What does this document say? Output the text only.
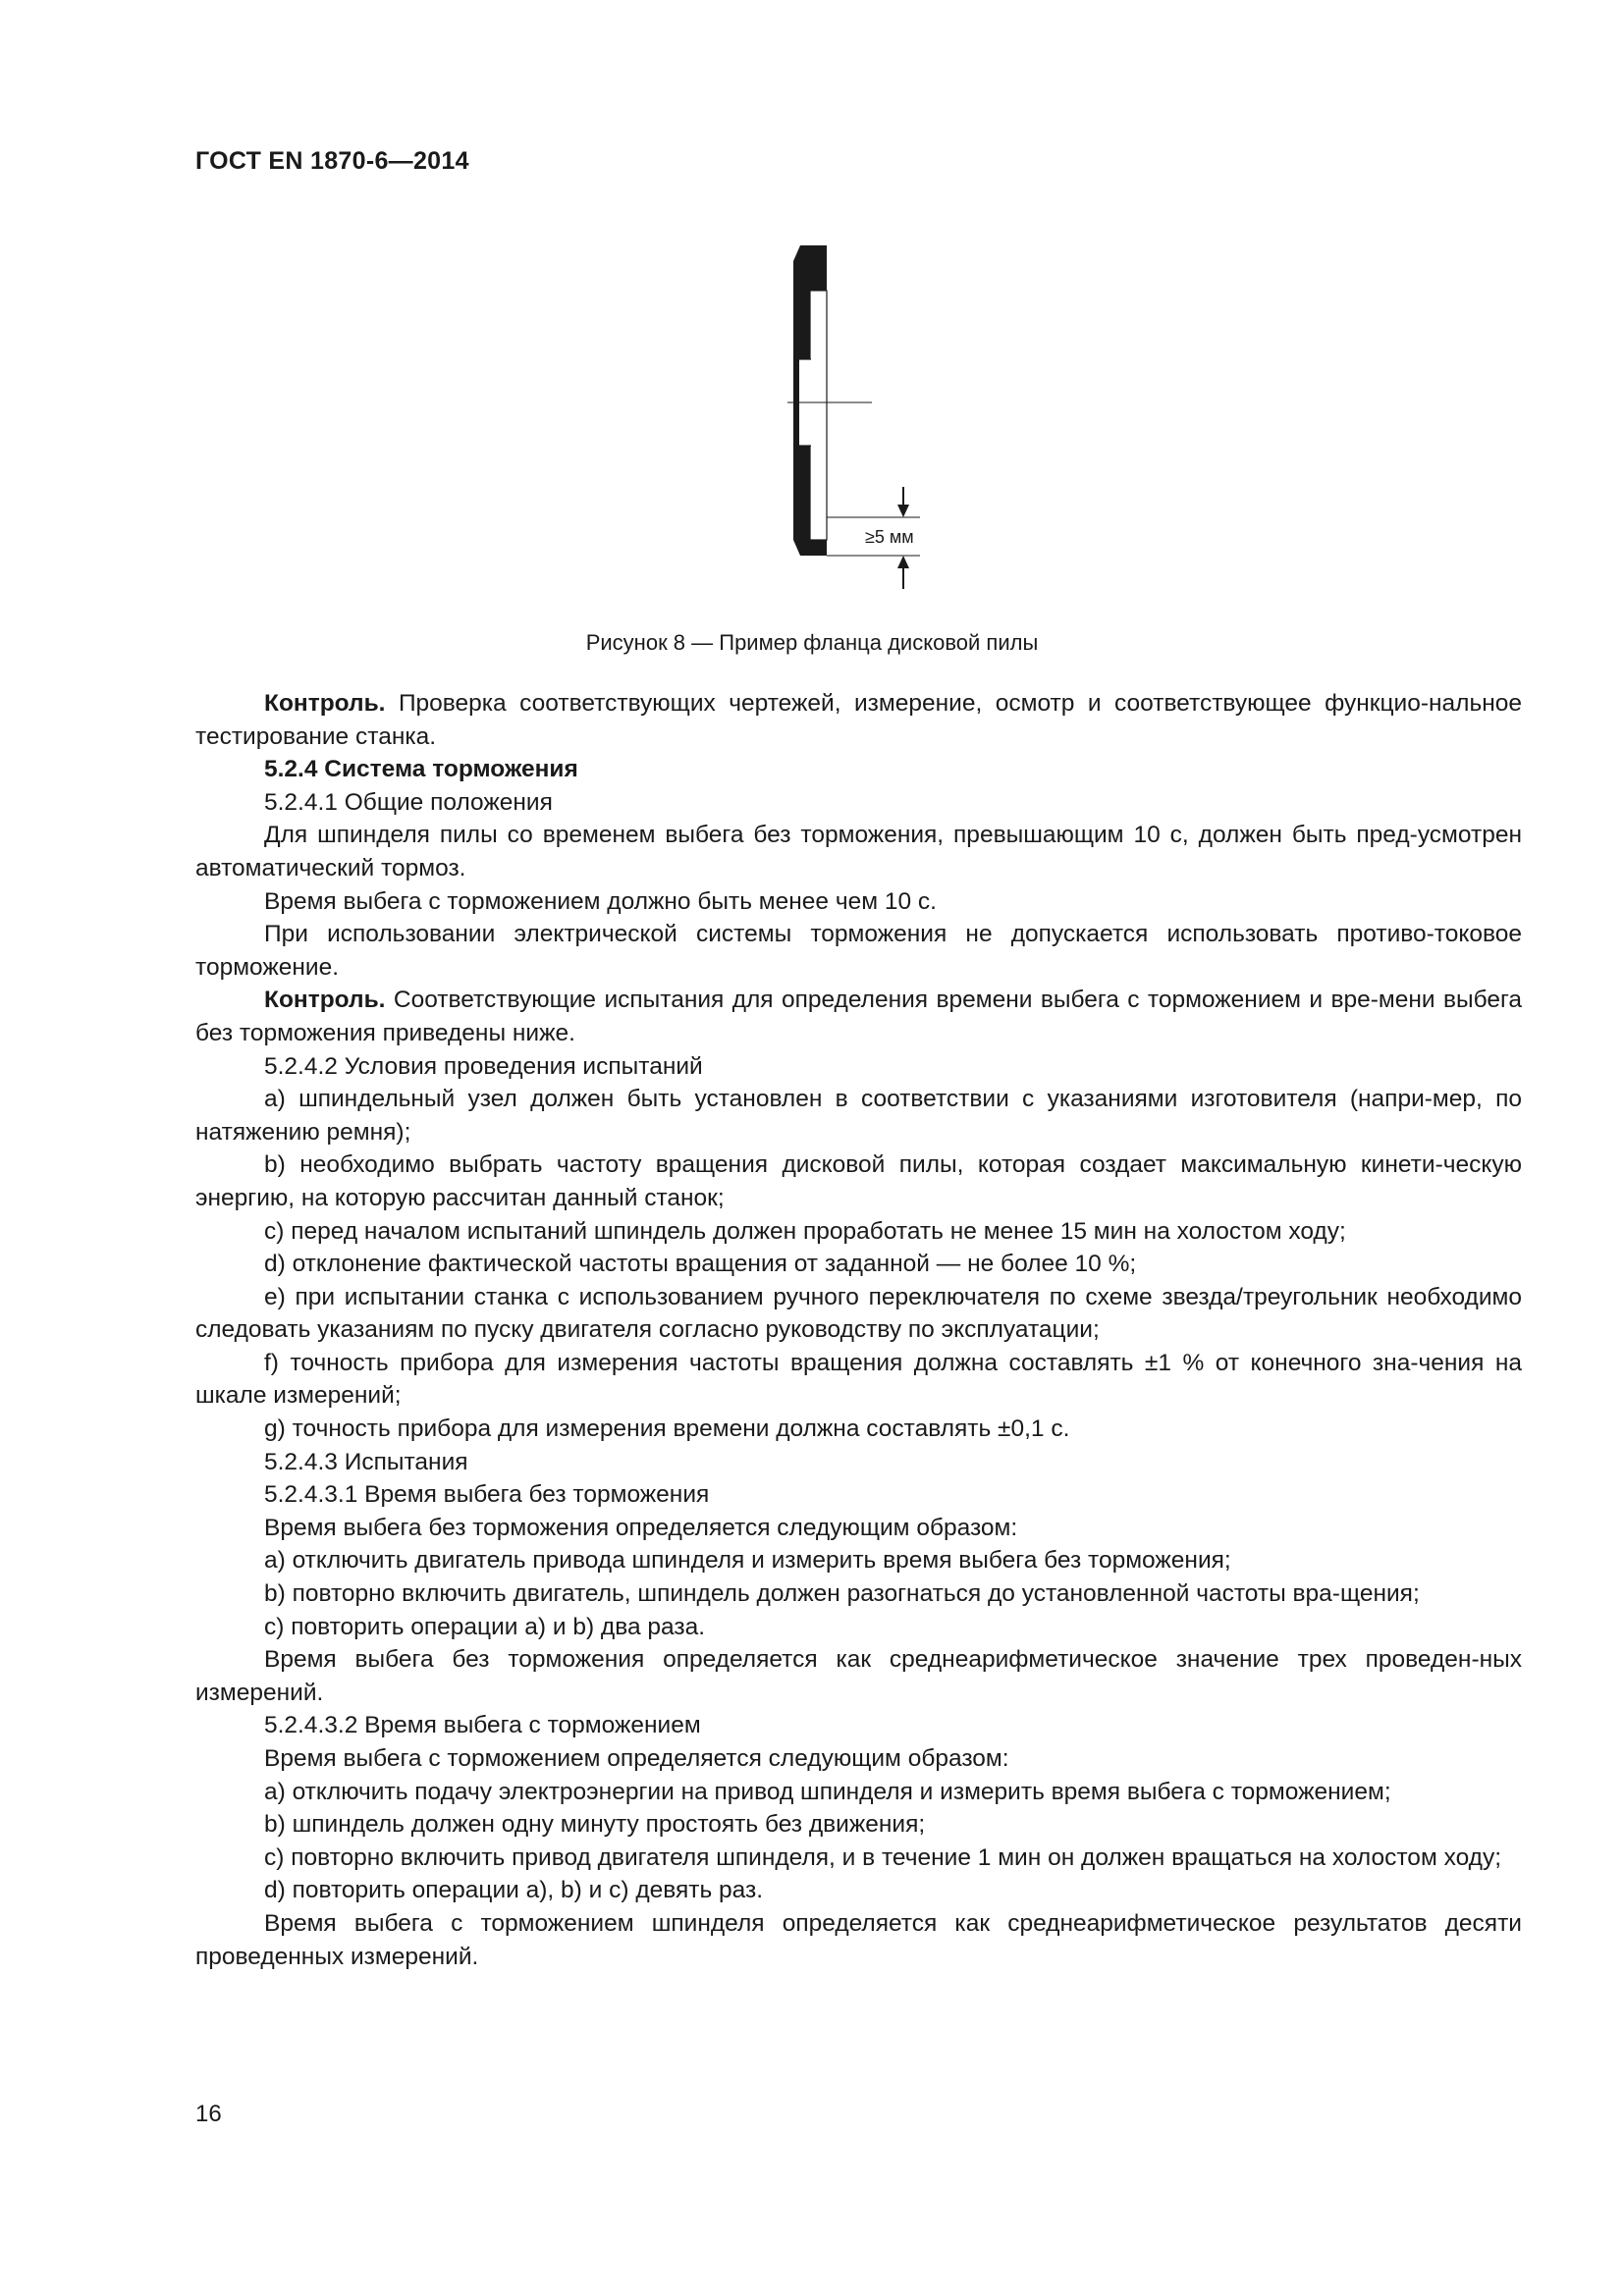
ГОСТ EN 1870-6—2014
≥5 мм
Рисунок 8 — Пример фланца дисковой пилы

Контроль. Проверка соответствующих чертежей, измерение, осмотр и соответствующее функцио-нальное тестирование станка.

5.2.4 Система торможения

5.2.4.1 Общие положения

Для шпинделя пилы со временем выбега без торможения, превышающим 10 с, должен быть пред-усмотрен автоматический тормоз.

Время выбега с торможением должно быть менее чем 10 с.

При использовании электрической системы торможения не допускается использовать противо-токовое торможение.

Контроль. Соответствующие испытания для определения времени выбега с торможением и вре-мени выбега без торможения приведены ниже.

5.2.4.2 Условия проведения испытаний

a) шпиндельный узел должен быть установлен в соответствии с указаниями изготовителя (напри-мер, по натяжению ремня);

b) необходимо выбрать частоту вращения дисковой пилы, которая создает максимальную кинети-ческую энергию, на которую рассчитан данный станок;

c) перед началом испытаний шпиндель должен проработать не менее 15 мин на холостом ходу;

d) отклонение фактической частоты вращения от заданной — не более 10 %;

e) при испытании станка с использованием ручного переключателя по схеме звезда/треугольник необходимо следовать указаниям по пуску двигателя согласно руководству по эксплуатации;

f) точность прибора для измерения частоты вращения должна составлять ±1 % от конечного зна-чения на шкале измерений;

g) точность прибора для измерения времени должна составлять ±0,1 с.

5.2.4.3 Испытания

5.2.4.3.1 Время выбега без торможения

Время выбега без торможения определяется следующим образом:

a) отключить двигатель привода шпинделя и измерить время выбега без торможения;

b) повторно включить двигатель, шпиндель должен разогнаться до установленной частоты вра-щения;

c) повторить операции a) и b) два раза.

Время выбега без торможения определяется как среднеарифметическое значение трех проведен-ных измерений.

5.2.4.3.2 Время выбега с торможением

Время выбега с торможением определяется следующим образом:

a) отключить подачу электроэнергии на привод шпинделя и измерить время выбега с торможением;

b) шпиндель должен одну минуту простоять без движения;

c) повторно включить привод двигателя шпинделя, и в течение 1 мин он должен вращаться на холостом ходу;

d) повторить операции a), b) и c) девять раз.

Время выбега с торможением шпинделя определяется как среднеарифметическое результатов десяти проведенных измерений.

16
